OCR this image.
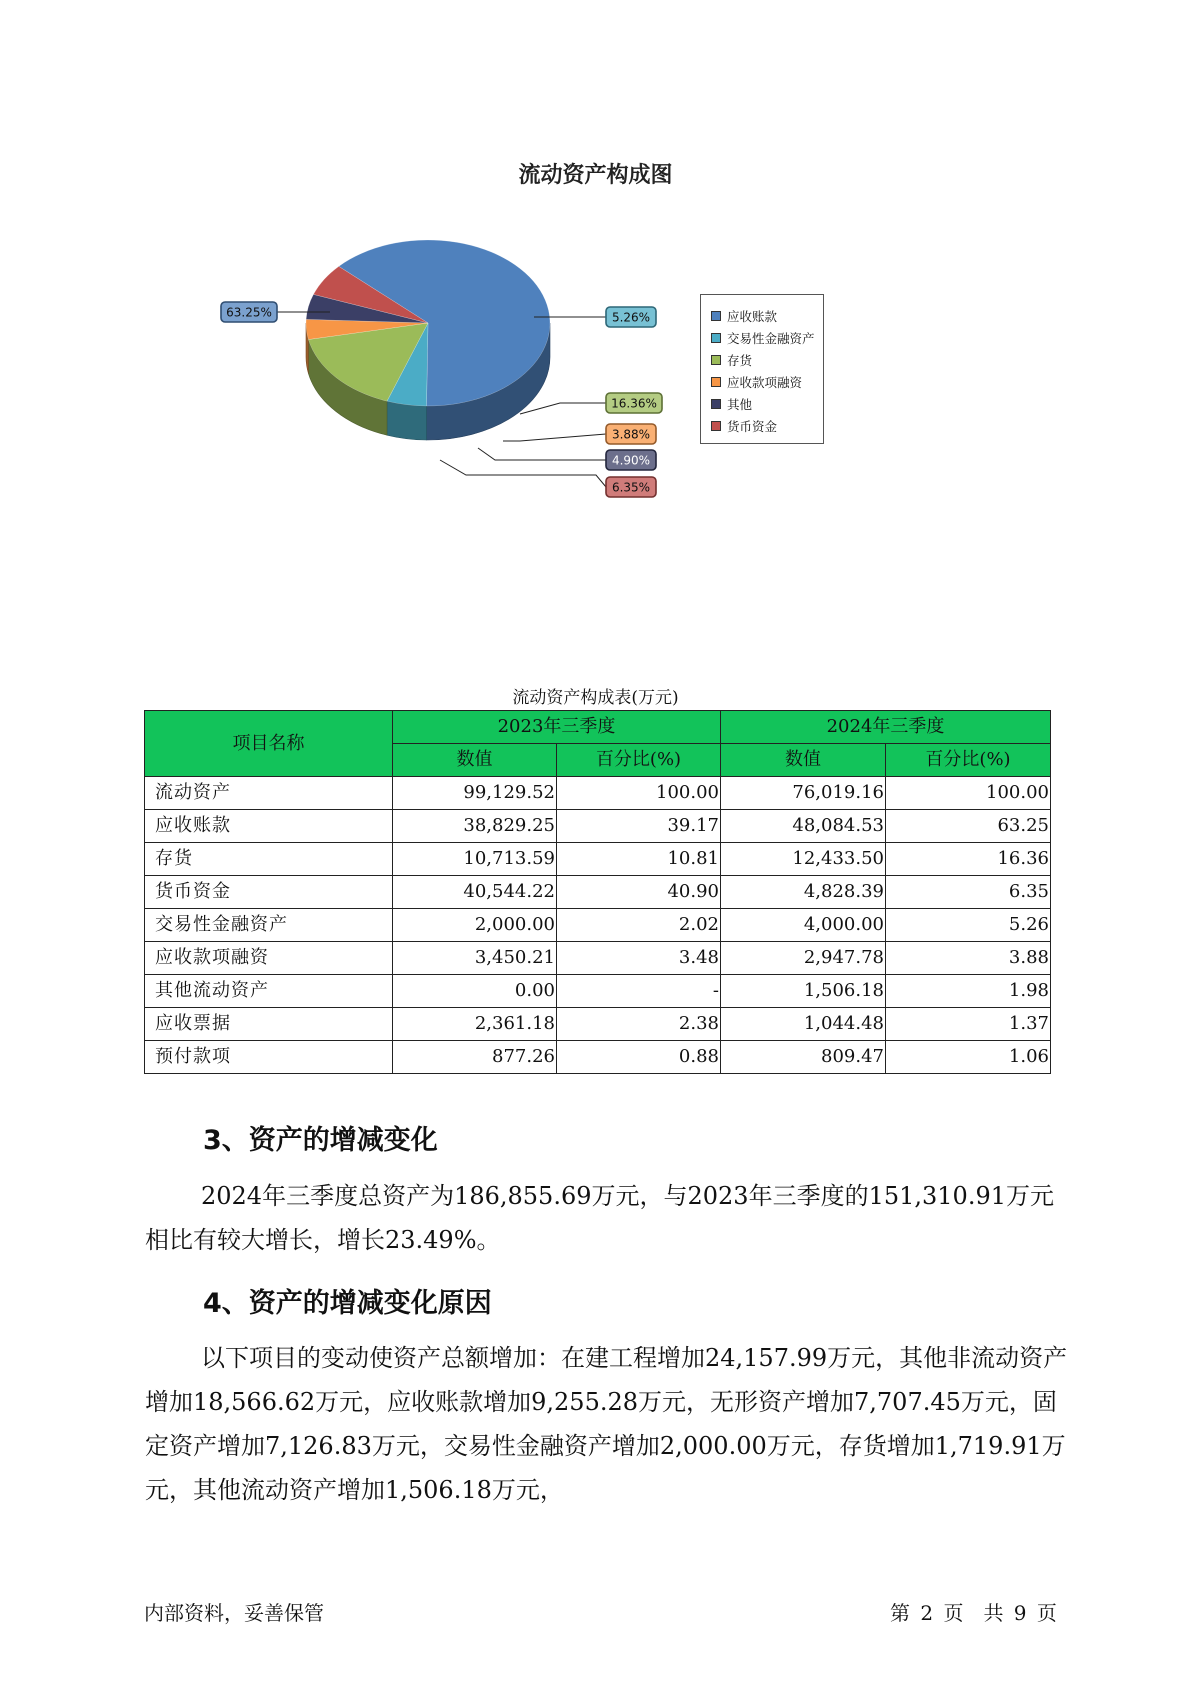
流动资产构成图
63.25%	5.26%
16.36%
3.88%
4.90%
6.35%
应收账款
交易性金融资产
存货
应收款项融资
其他
货币资金
流动资产构成表(万元)
项目名称	2023年三季度		2024年三季度	
	数值	百分比(%)	数值	百分比(%)
流动资产	99,129.52	100.00	76,019.16	100.00
应收账款	38,829.25	39.17	48,084.53	63.25
存货	10,713.59	10.81	12,433.50	16.36
货币资金	40,544.22	40.90	4,828.39	6.35
交易性金融资产	2,000.00	2.02	4,000.00	5.26
应收款项融资	3,450.21	3.48	2,947.78	3.88
其他流动资产	0.00	-	1,506.18	1.98
应收票据	2,361.18	2.38	1,044.48	1.37
预付款项	877.26	0.88	809.47	1.06
3、资产的增减变化
2024年三季度总资产为186,855.69万元，与2023年三季度的151,310.91万元相比有较大增长，增长23.49%。
4、资产的增减变化原因
以下项目的变动使资产总额增加：在建工程增加24,157.99万元，其他非流动资产增加18,566.62万元，应收账款增加9,255.28万元，无形资产增加7,707.45万元，固定资产增加7,126.83万元，交易性金融资产增加2,000.00万元，存货增加1,719.91万元，其他流动资产增加1,506.18万元，
内部资料，妥善保管	第 2 页　共 9 页
